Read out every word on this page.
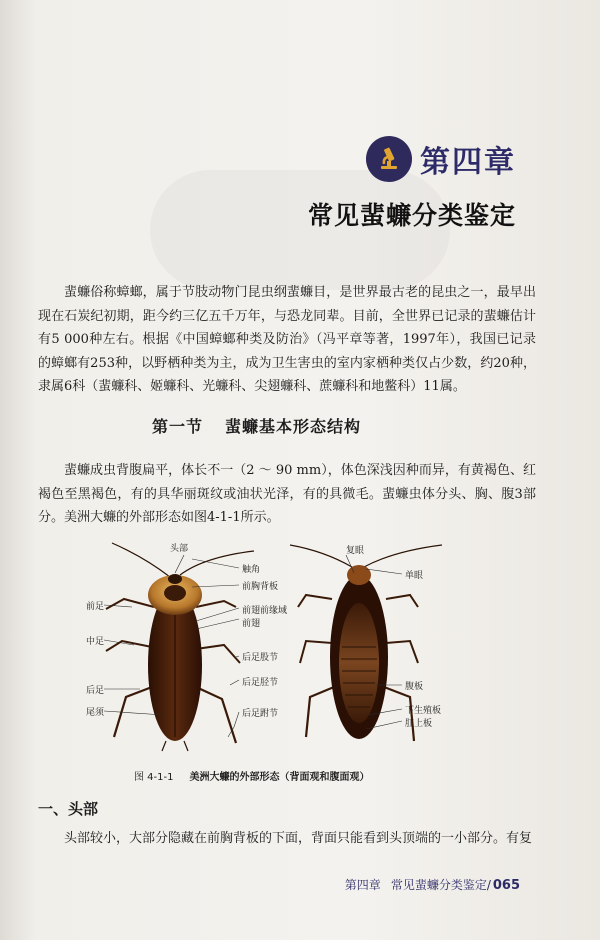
第四章
常见蜚蠊分类鉴定
蜚蠊俗称蟑螂，属于节肢动物门昆虫纲蜚蠊目，是世界最古老的昆虫之一，最早出现在石炭纪初期，距今约三亿五千万年，与恐龙同辈。目前，全世界已记录的蜚蠊估计有5 000种左右。根据《中国蟑螂种类及防治》（冯平章等著，1997年），我国已记录的蟑螂有253种，以野栖种类为主，成为卫生害虫的室内家栖种类仅占少数，约20种，隶属6科（蜚蠊科、姬蠊科、光蠊科、尖翅蠊科、蔗蠊科和地鳖科）11属。
第一节 蜚蠊基本形态结构
蜚蠊成虫背腹扁平，体长不一（2 ～ 90 mm），体色深浅因种而异，有黄褐色、红褐色至黑褐色，有的具华丽斑纹或油状光泽，有的具微毛。蜚蠊虫体分头、胸、腹3部分。美洲大蠊的外部形态如图4-1-1所示。
头部
触角
前胸背板
前足	前翅前缘域
前翅
中足
后足股节
后足
后足胫节
尾须	后足跗节
复眼
单眼
腹板
下生殖板
肛上板
图 4-1-1 美洲大蠊的外部形态（背面观和腹面观）
一、头部
头部较小，大部分隐藏在前胸背板的下面，背面只能看到头顶端的一小部分。有复
第四章 常见蜚蠊分类鉴定/ 065
